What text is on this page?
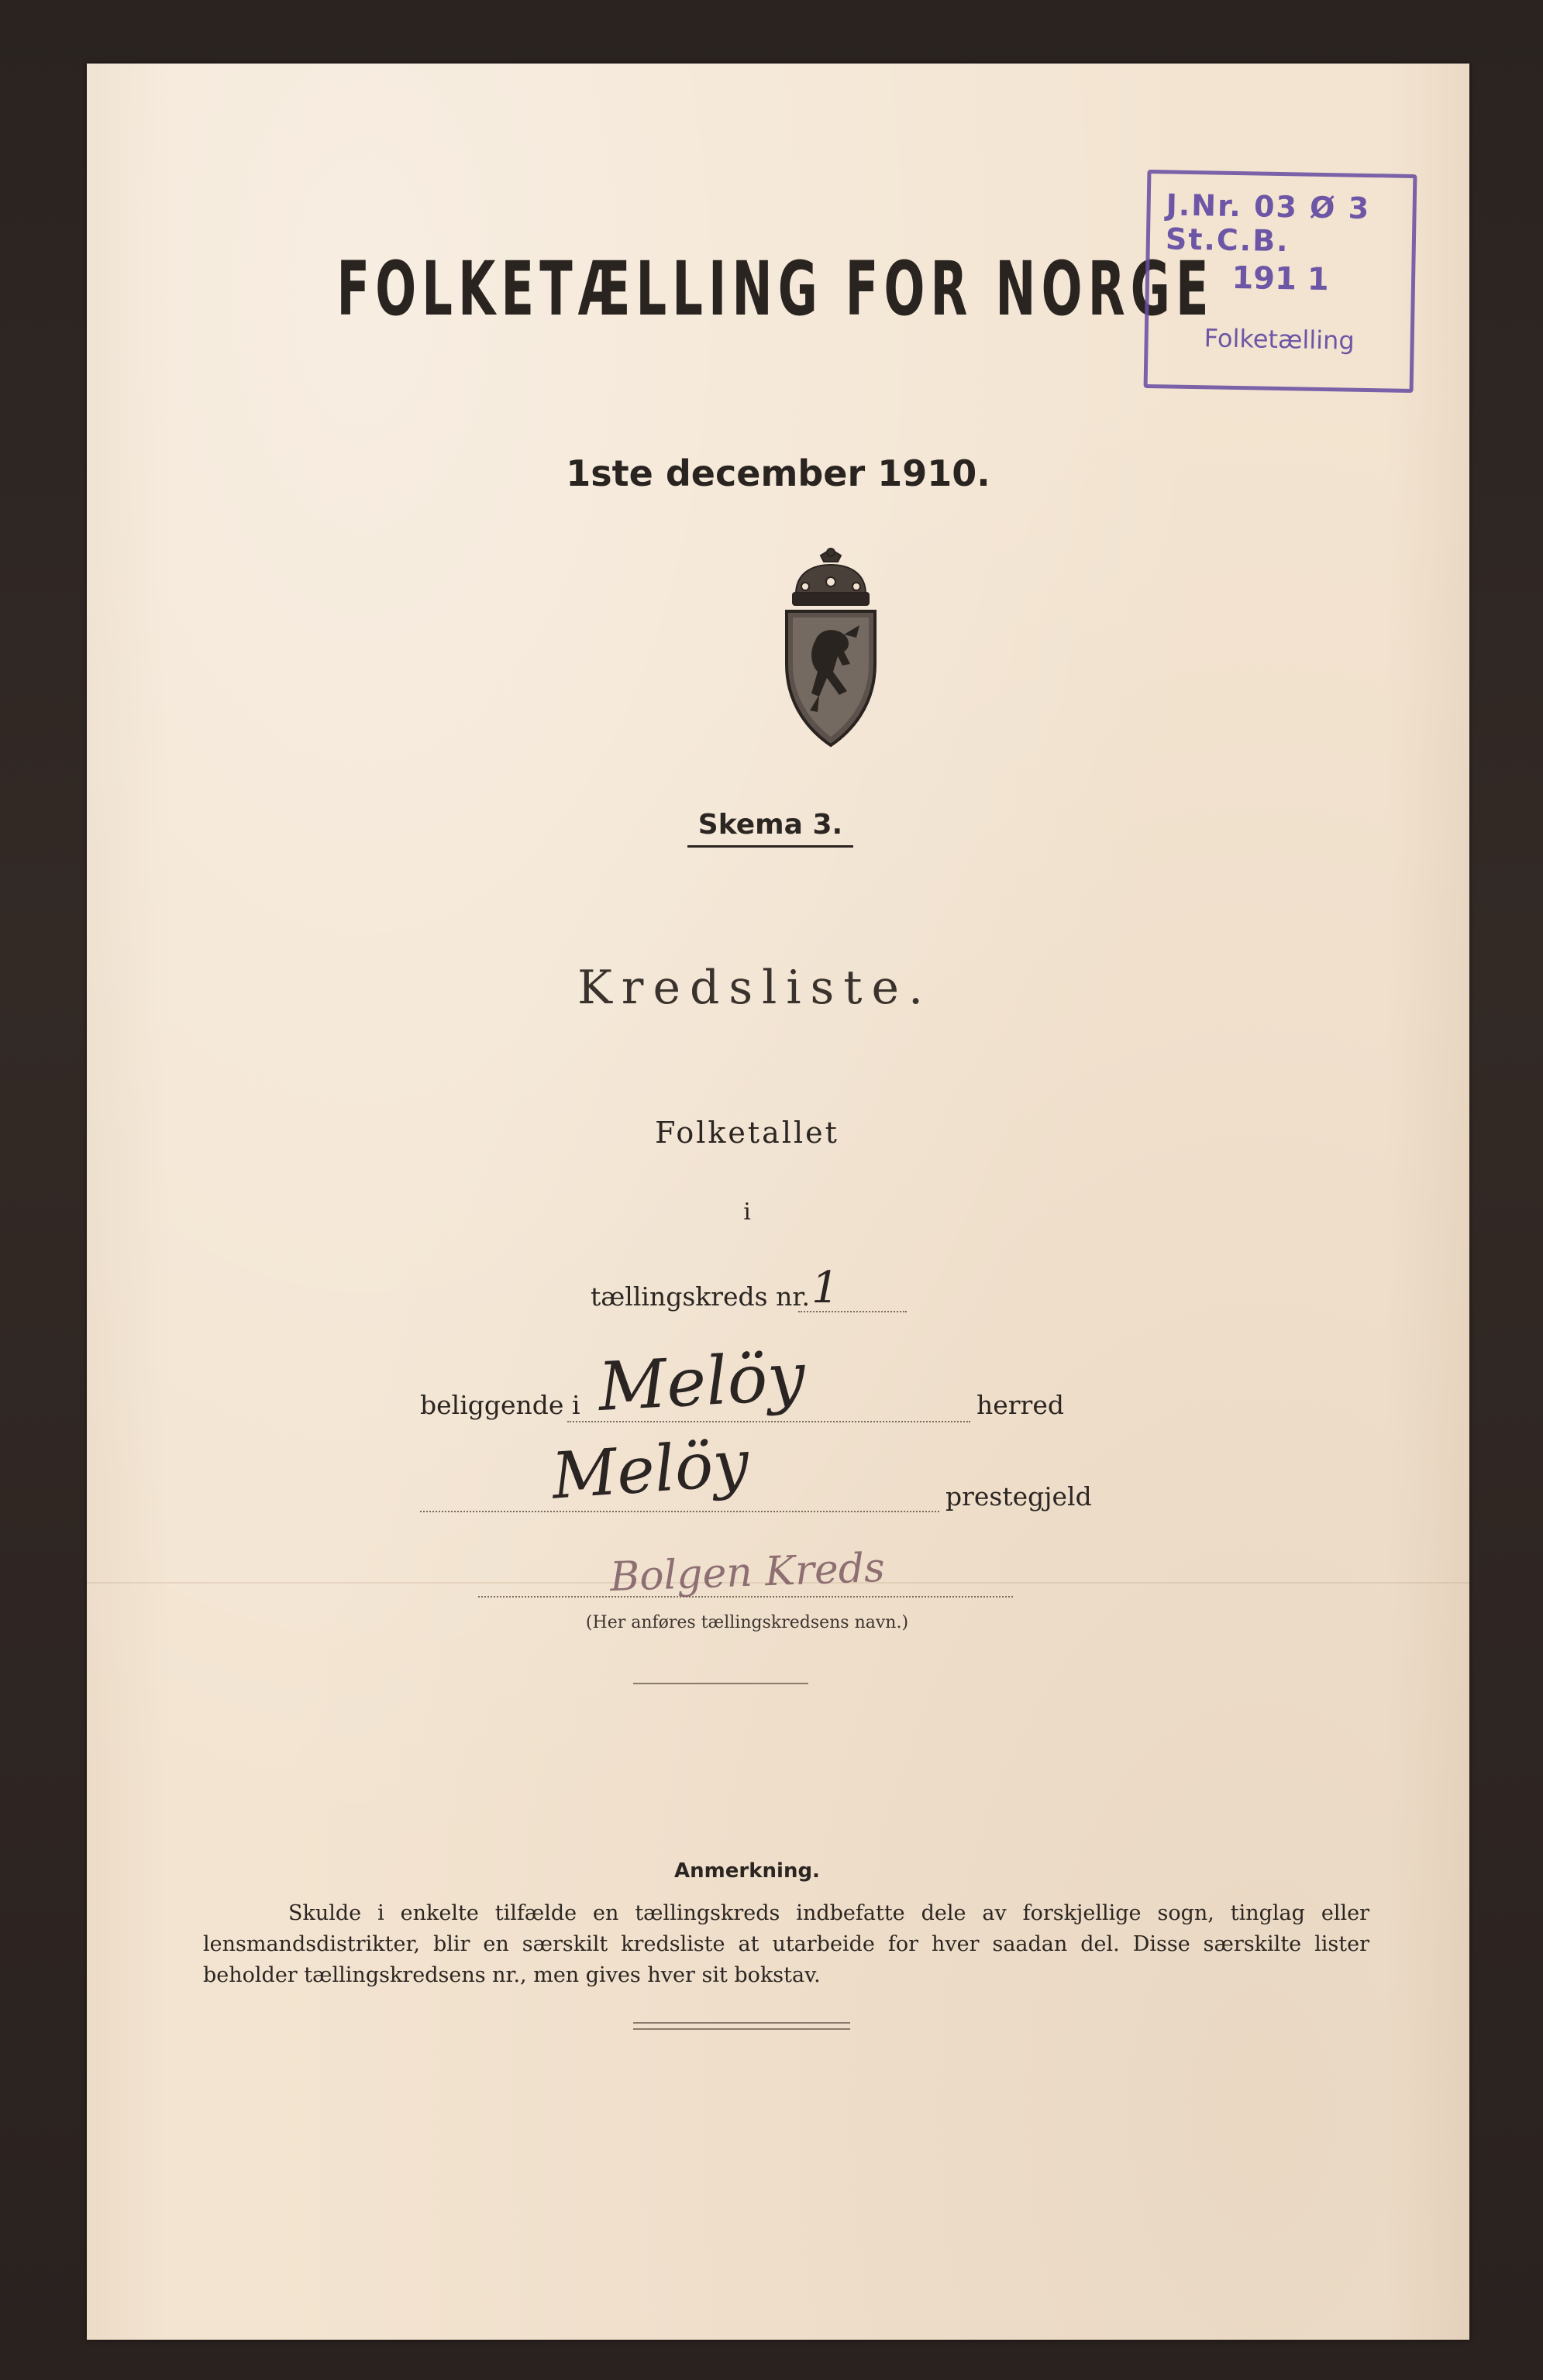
FOLKETÆLLING FOR NORGE
J.Nr. 03 Ø 3 St.C.B.
191 1
Folketælling
1ste december 1910.
Skema 3.
Kredsliste.
Folketallet
i
tællingskreds nr. 1
beliggende i Melöy	herred
Melöy	prestegjeld
Bolgen Kreds
(Her anføres tællingskredsens navn.)
Anmerkning.
Skulde i enkelte tilfælde en tællingskreds indbefatte dele av forskjellige sogn, tinglag eller lensmandsdistrikter, blir en særskilt kredsliste at utarbeide for hver saadan del. Disse særskilte lister beholder tællingskredsens nr., men gives hver sit bokstav.
